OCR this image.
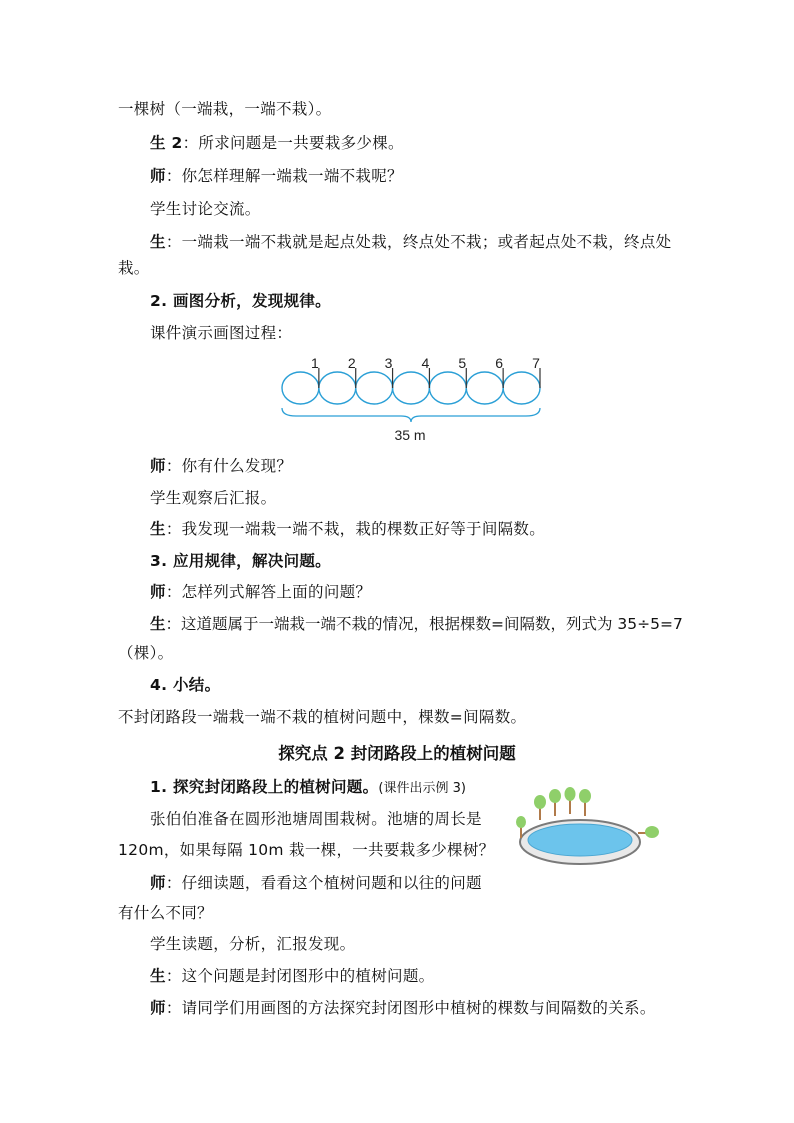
一棵树（一端栽，一端不栽）。
生 2：所求问题是一共要栽多少棵。
师：你怎样理解一端栽一端不栽呢？
学生讨论交流。
生：一端栽一端不栽就是起点处栽，终点处不栽；或者起点处不栽，终点处
栽。
2. 画图分析，发现规律。
课件演示画图过程：
1 2 3 4 5 6 7
35 m
师：你有什么发现？
学生观察后汇报。
生：我发现一端栽一端不栽，栽的棵数正好等于间隔数。
3. 应用规律，解决问题。
师：怎样列式解答上面的问题？
生：这道题属于一端栽一端不栽的情况，根据棵数=间隔数，列式为 35÷5=7
（棵）。
4. 小结。
不封闭路段一端栽一端不栽的植树问题中，棵数=间隔数。
探究点 2 封闭路段上的植树问题
1. 探究封闭路段上的植树问题。(课件出示例 3)
张伯伯准备在圆形池塘周围栽树。池塘的周长是
120m，如果每隔 10m 栽一棵，一共要栽多少棵树？
师：仔细读题，看看这个植树问题和以往的问题
有什么不同？
学生读题，分析，汇报发现。
生：这个问题是封闭图形中的植树问题。
师：请同学们用画图的方法探究封闭图形中植树的棵数与间隔数的关系。
